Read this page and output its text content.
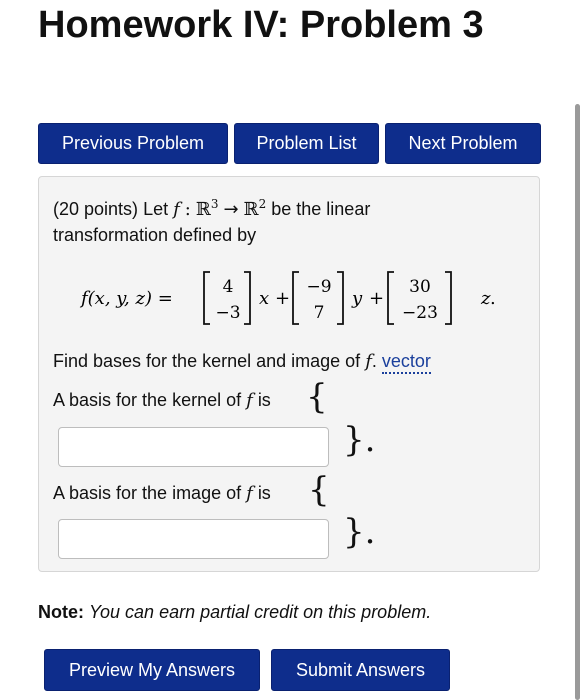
Homework IV: Problem 3
Previous Problem	Problem List	Next Problem
(20 points) Let f : ℝ$^3$ → ℝ$^2$ be the linear
transformation defined by
f(x, y, z) =
4
−3
x +
−9
7
y +
30
−23
z .
Find bases for the kernel and image of f. vector
A basis for the kernel of f is {
}.
A basis for the image of f is {
}.
Note: You can earn partial credit on this problem.
Preview My Answers	Submit Answers
